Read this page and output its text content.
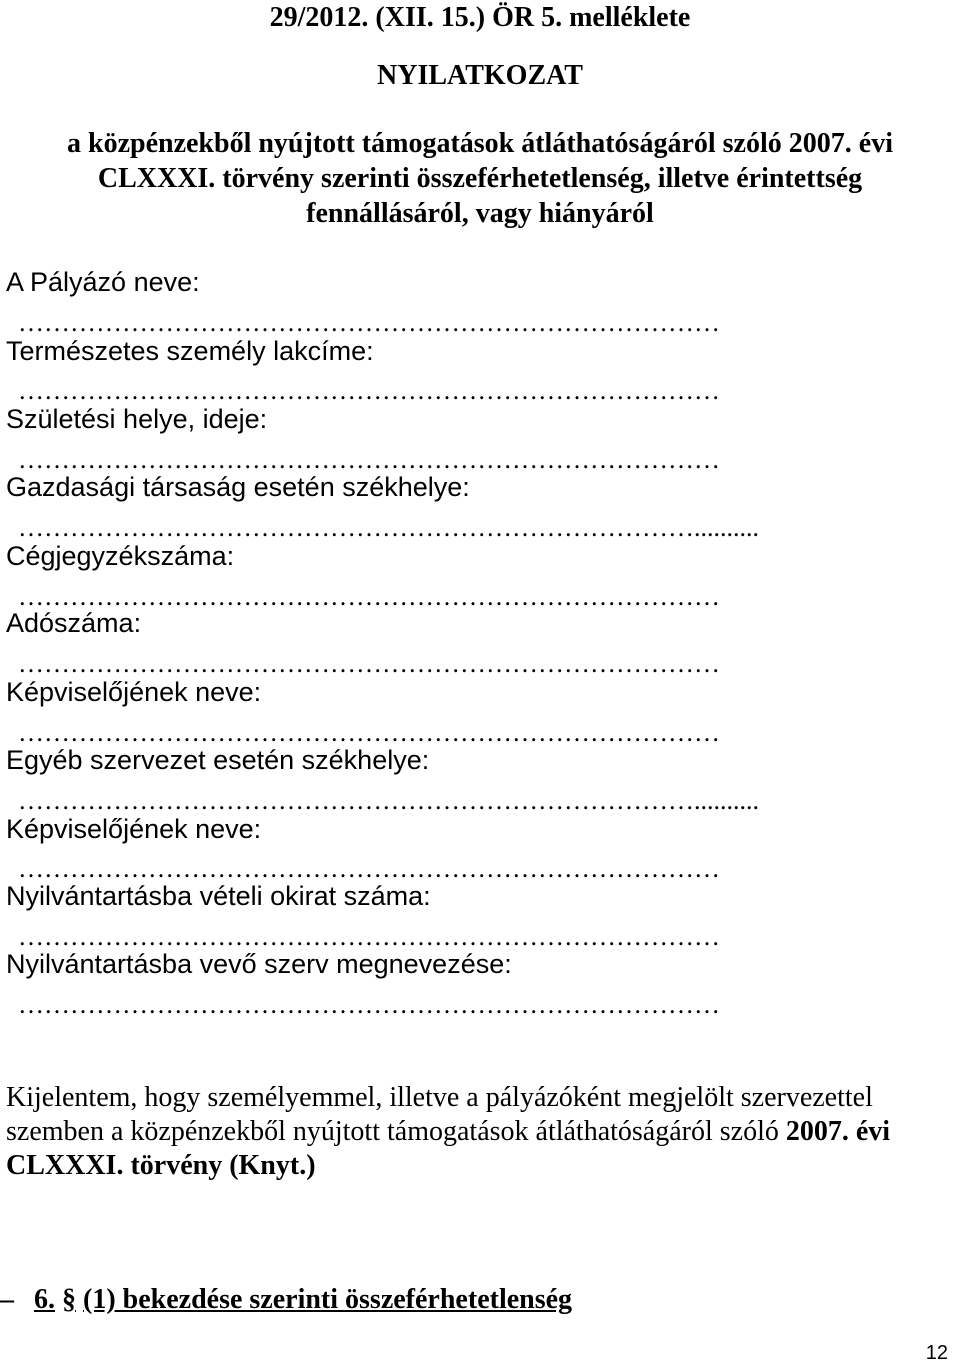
29/2012. (XII. 15.) ÖR 5. melléklete
NYILATKOZAT
a közpénzekből nyújtott támogatások átláthatóságáról szóló 2007. évi
CLXXXI. törvény szerinti összeférhetetlenség, illetve érintettség
fennállásáról, vagy hiányáról
A Pályázó neve:
………………………………………………………………………
Természetes személy lakcíme:
………………………………………………………………………
Születési helye, ideje:
………………………………………………………………………
Gazdasági társaság esetén székhelye:
……………………………………………………………………..........
Cégjegyzékszáma:
………………………………………………………………………
Adószáma:
………………………………………………………………………
Képviselőjének neve:
………………………………………………………………………
Egyéb szervezet esetén székhelye:
……………………………………………………………………..........
Képviselőjének neve:
………………………………………………………………………
Nyilvántartásba vételi okirat száma:
………………………………………………………………………
Nyilvántartásba vevő szerv megnevezése:
………………………………………………………………………
Kijelentem, hogy személyemmel, illetve a pályázóként megjelölt szervezettel
szemben a közpénzekből nyújtott támogatások átláthatóságáról szóló 2007. évi
CLXXXI. törvény (Knyt.)
– 6. § (1) bekezdése szerinti összeférhetetlenség
12
